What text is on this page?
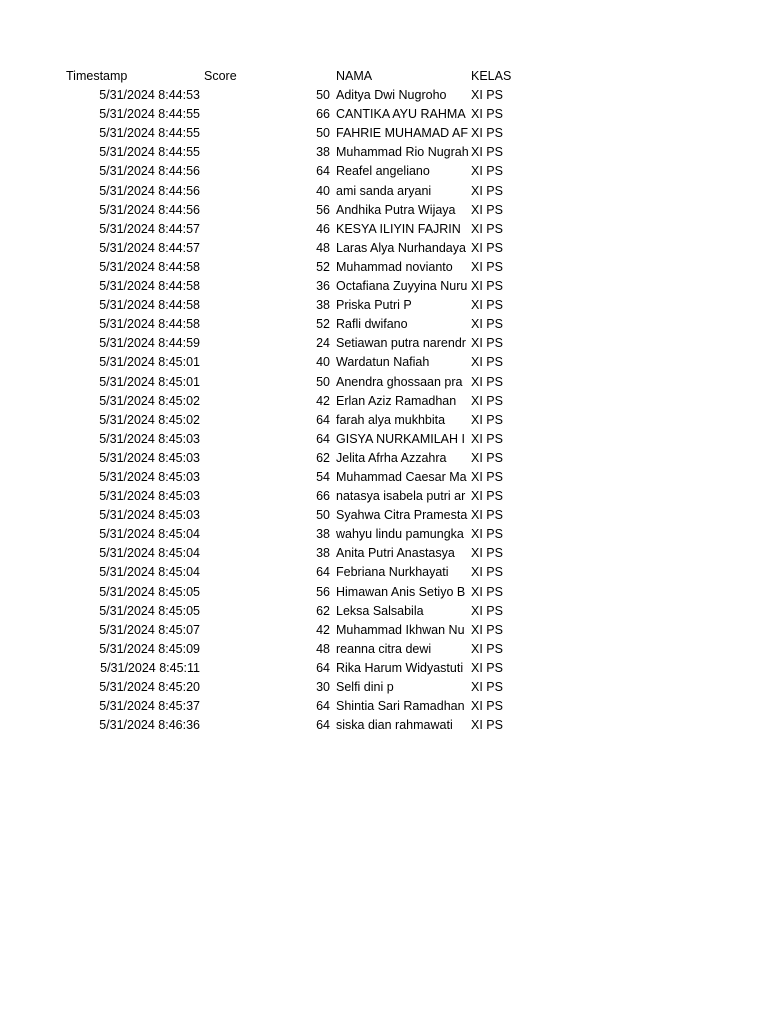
Timestamp	Score	NAMA	KELAS
5/31/2024 8:44:53	50 Aditya Dwi Nugroho	XI PS
5/31/2024 8:44:55	66 CANTIKA AYU RAHMA XI PS
5/31/2024 8:44:55	50 FAHRIE MUHAMAD AF XI PS
5/31/2024 8:44:55	38 Muhammad Rio Nugrah XI PS
5/31/2024 8:44:56	64 Reafel angeliano	XI PS
5/31/2024 8:44:56	40 ami sanda aryani	XI PS
5/31/2024 8:44:56	56 Andhika Putra Wijaya	XI PS
5/31/2024 8:44:57	46 KESYA ILIYIN FAJRIN XI PS
5/31/2024 8:44:57	48 Laras Alya Nurhandaya XI PS
5/31/2024 8:44:58	52 Muhammad novianto	XI PS
5/31/2024 8:44:58	36 Octafiana Zuyyina Nuru XI PS
5/31/2024 8:44:58	38 Priska Putri P	XI PS
5/31/2024 8:44:58	52 Rafli dwifano	XI PS
5/31/2024 8:44:59	24 Setiawan putra narendr XI PS
5/31/2024 8:45:01	40 Wardatun Nafiah	XI PS
5/31/2024 8:45:01	50 Anendra ghossaan pra XI PS
5/31/2024 8:45:02	42 Erlan Aziz Ramadhan	XI PS
5/31/2024 8:45:02	64 farah alya mukhbita	XI PS
5/31/2024 8:45:03	64 GISYA NURKAMILAH I XI PS
5/31/2024 8:45:03	62 Jelita Afrha Azzahra	XI PS
5/31/2024 8:45:03	54 Muhammad Caesar Ma XI PS
5/31/2024 8:45:03	66 natasya isabela putri ar XI PS
5/31/2024 8:45:03	50 Syahwa Citra Pramesta XI PS
5/31/2024 8:45:04	38 wahyu lindu pamungka XI PS
5/31/2024 8:45:04	38 Anita Putri Anastasya	XI PS
5/31/2024 8:45:04	64 Febriana Nurkhayati	XI PS
5/31/2024 8:45:05	56 Himawan Anis Setiyo B XI PS
5/31/2024 8:45:05	62 Leksa Salsabila	XI PS
5/31/2024 8:45:07	42 Muhammad Ikhwan Nu XI PS
5/31/2024 8:45:09	48 reanna citra dewi	XI PS
5/31/2024 8:45:11	64 Rika Harum Widyastuti XI PS
5/31/2024 8:45:20	30 Selfi dini p	XI PS
5/31/2024 8:45:37	64 Shintia Sari Ramadhan XI PS
5/31/2024 8:46:36	64 siska dian rahmawati	XI PS
